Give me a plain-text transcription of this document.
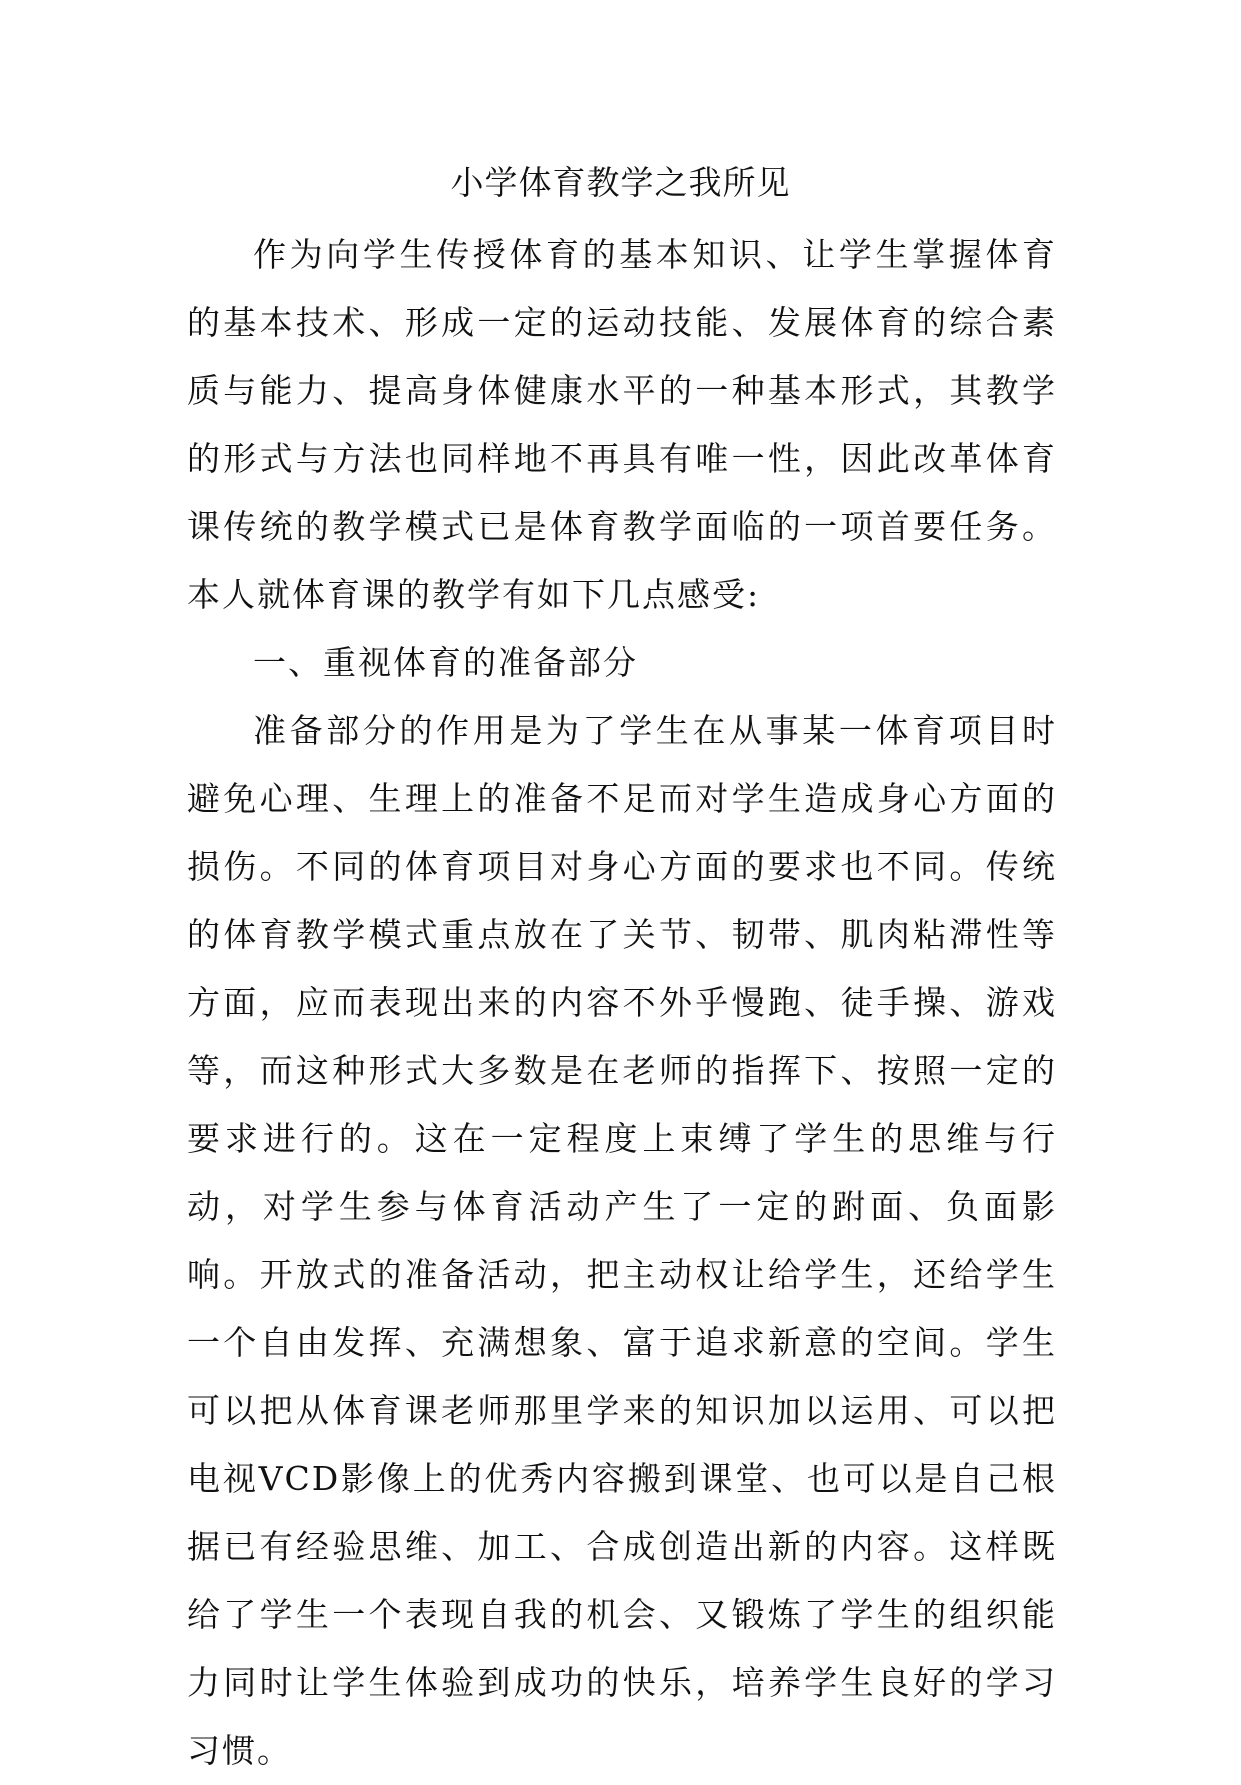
小学体育教学之我所见

作为向学生传授体育的基本知识、让学生掌握体育的基本技术、形成一定的运动技能、发展体育的综合素质与能力、提高身体健康水平的一种基本形式，其教学的形式与方法也同样地不再具有唯一性，因此改革体育课传统的教学模式已是体育教学面临的一项首要任务。本人就体育课的教学有如下几点感受:

一、重视体育的准备部分

准备部分的作用是为了学生在从事某一体育项目时避免心理、生理上的准备不足而对学生造成身心方面的损伤。不同的体育项目对身心方面的要求也不同。传统的体育教学模式重点放在了关节、韧带、肌肉粘滞性等方面，应而表现出来的内容不外乎慢跑、徒手操、游戏等，而这种形式大多数是在老师的指挥下、按照一定的要求进行的。这在一定程度上束缚了学生的思维与行动，对学生参与体育活动产生了一定的跗面、负面影响。开放式的准备活动，把主动权让给学生，还给学生一个自由发挥、充满想象、富于追求新意的空间。学生可以把从体育课老师那里学来的知识加以运用、可以把电视VCD影像上的优秀内容搬到课堂、也可以是自己根据已有经验思维、加工、合成创造出新的内容。这样既给了学生一个表现自我的机会、又锻炼了学生的组织能力同时让学生体验到成功的快乐，培养学生良好的学习习惯。
